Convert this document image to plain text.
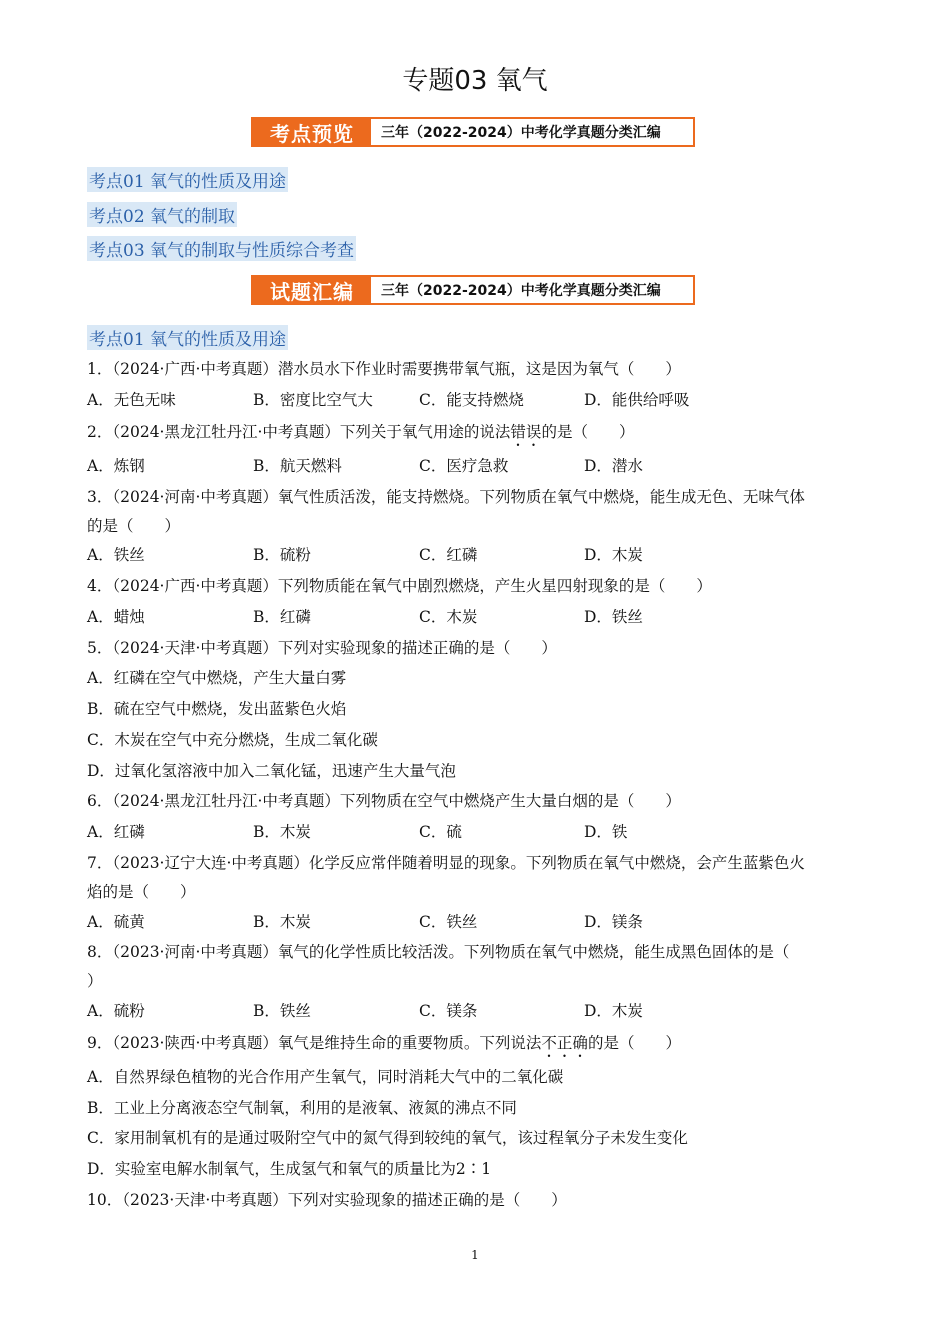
专题03 氧气
考点预览	三年（2022-2024）中考化学真题分类汇编
考点01 氧气的性质及用途
考点02 氧气的制取
考点03 氧气的制取与性质综合考查
试题汇编	三年（2022-2024）中考化学真题分类汇编
考点01 氧气的性质及用途
1．（2024·广西·中考真题）潜水员水下作业时需要携带氧气瓶，这是因为氧气（　　）
A．无色无味	B．密度比空气大	C．能支持燃烧	D．能供给呼吸
2．（2024·黑龙江牡丹江·中考真题）下列关于氧气用途的说法错误的是（　　）
A．炼钢	B．航天燃料	C．医疗急救	D．潜水
3．（2024·河南·中考真题）氧气性质活泼，能支持燃烧。下列物质在氧气中燃烧，能生成无色、无味气体
的是（　　）
A．铁丝	B．硫粉	C．红磷	D．木炭
4．（2024·广西·中考真题）下列物质能在氧气中剧烈燃烧，产生火星四射现象的是（　　）
A．蜡烛	B．红磷	C．木炭	D．铁丝
5．（2024·天津·中考真题）下列对实验现象的描述正确的是（　　）
A．红磷在空气中燃烧，产生大量白雾
B．硫在空气中燃烧，发出蓝紫色火焰
C．木炭在空气中充分燃烧，生成二氧化碳
D．过氧化氢溶液中加入二氧化锰，迅速产生大量气泡
6．（2024·黑龙江牡丹江·中考真题）下列物质在空气中燃烧产生大量白烟的是（　　）
A．红磷	B．木炭	C．硫	D．铁
7．（2023·辽宁大连·中考真题）化学反应常伴随着明显的现象。下列物质在氧气中燃烧，会产生蓝紫色火
焰的是（　　）
A．硫黄	B．木炭	C．铁丝	D．镁条
8．（2023·河南·中考真题）氧气的化学性质比较活泼。下列物质在氧气中燃烧，能生成黑色固体的是（
）
A．硫粉	B．铁丝	C．镁条	D．木炭
9．（2023·陕西·中考真题）氧气是维持生命的重要物质。下列说法不正确的是（　　）
A．自然界绿色植物的光合作用产生氧气，同时消耗大气中的二氧化碳
B．工业上分离液态空气制氧，利用的是液氧、液氮的沸点不同
C．家用制氧机有的是通过吸附空气中的氮气得到较纯的氧气，该过程氧分子未发生变化
D．实验室电解水制氧气，生成氢气和氧气的质量比为2∶1
10．（2023·天津·中考真题）下列对实验现象的描述正确的是（　　）
1
